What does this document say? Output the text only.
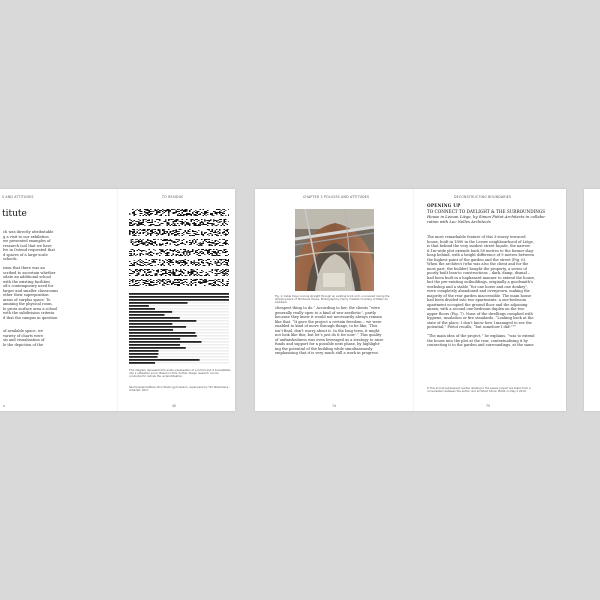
S AND ATTITUDES
titute
ch was directly attributable
g a visit to our exhibition
we presented examples of
research tool that we have
lve in Ostend requested that
d spaces of a large-scale
schools.

ision that there was an
scribed to ascertain whether
odate an additional school
with the existing facilities
od's contemporary need for
larger and smaller classrooms
ether their superposition
areas of surplus space. To
amining the physical room,
le gross surface area a school
with the subdivision criteria
d that the campus in question

of available space, we
variety of charts were
sis and visualisation of
le the depiction of the
n
TO RESIDUE
This diagram represents the audio-visualisation of a school and is translatable into a utilisation score. Based on this, further design research can be conducted to redraw the underutilisation.
Saint Josephinstitute, Brol Studio gymnasium, supervised by Tim Wielemans – Urbanbit, 2017
40
CHAPTER 3 POLICIES AND ATTITUDES
Fig. 1: Cable trays running straight through an existing brick arch, uncovered during the stripping back of Tamboers House. Photograph by Henry Vreekkk Courtesy of Pieter de Clubbers.
cheapest thing to do.” According to her, the clients “were
generally really open to a kind of raw aesthetic”, partly
because they knew it would not necessarily always remain
like that. “It gave the project a certain freedom... we were
enabled to kind of move through things, to be like, ‘This
isn’t final, don’t worry about it. In the long term, it might
not look like this, but let’s just do it for now’.” This quality
of unfinishedness was even leveraged as a strategy to raise
funds and support for a possible next phase, by highlight-
ing the potential of the building while simultaneously
emphasising that it is very much still a work in progress.
74
DECONSTRUCTING BOUNDARIES
OPENING UP
TO CONNECT TO DAYLIGHT & THE SURROUNDINGS
House in Leeuw, Liège, by Simon Piétot Architects in collabo-
ration with Luc Nelles Architects
The most remarkable feature of this 3-storey terraced
house, built in 1890 in the Leeuw neighbourhood of Liège,
is that behind the very modest street façade, the narrow
6.1m-wide plot extends back 80 metres to the former slag-
heap behind, with a height difference of 9 metres between
the highest point of the garden and the street (Fig. 6).
When the architect (who was also the client and for the
most part, the builder) bought the property, a series of
poorly built lean-to constructions – dark, damp, dismal –
had been built in a haphazard manner to extend the house,
but the pre-existing outbuildings, originally a goodsmith’s
workshop and a stable “for one horse and one donkey”,
were completely abandoned and overgrown, making the
majority of the rear garden inaccessible. The main house
had been divided into two apartments: a one-bedroom
apartment occupied the ground floor and the adjoining
annex, with a second one-bedroom duplex on the two
upper floors (Fig. 7). None of the dwellings complied with
hygiene, insulation or fire standards. “Looking back at the
state of the place, I don’t know how I managed to see the
potential,” Piétot recalls, “but somehow I did!”¹⁹

“The main idea of the project,” he explains, “was to extend
the house into the plot at the rear, contextualising it by
connecting it to the garden and surroundings, at the same
6 This and all subsequent quotes relating to the Leeuw project are taken from a
conversation between the author and architect Simon Piétot on May 2 2019.
75
